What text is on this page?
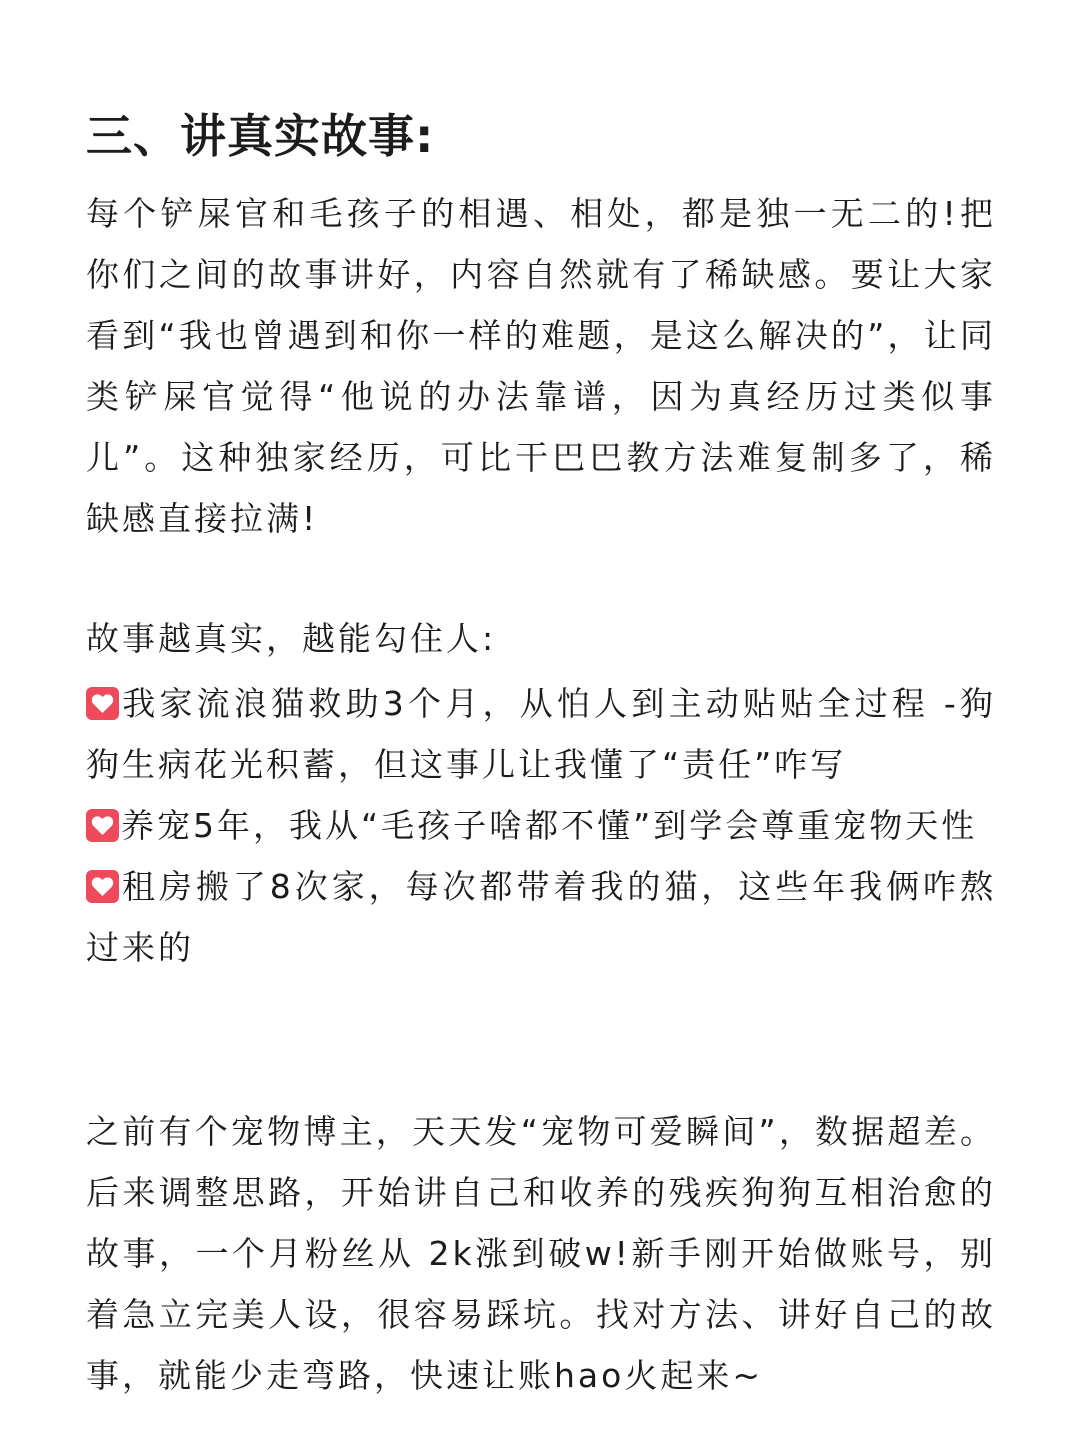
三、讲真实故事:
每个铲屎官和毛孩子的相遇、相处，都是独一无二的!把你们之间的故事讲好，内容自然就有了稀缺感。要让大家看到“我也曾遇到和你一样的难题，是这么解决的”，让同类铲屎官觉得“他说的办法靠谱，因为真经历过类似事儿”。这种独家经历，可比干巴巴教方法难复制多了，稀缺感直接拉满!
故事越真实，越能勾住人:
我家流浪猫救助3个月，从怕人到主动贴贴全过程 -狗狗生病花光积蓄，但这事儿让我懂了“责任”咋写
养宠5年，我从“毛孩子啥都不懂”到学会尊重宠物天性
租房搬了8次家，每次都带着我的猫，这些年我俩咋熬过来的
之前有个宠物博主，天天发“宠物可爱瞬间”，数据超差。后来调整思路，开始讲自己和收养的残疾狗狗互相治愈的故事，一个月粉丝从 2k涨到破w!新手刚开始做账号，别着急立完美人设，很容易踩坑。找对方法、讲好自己的故事，就能少走弯路，快速让账hao火起来~
